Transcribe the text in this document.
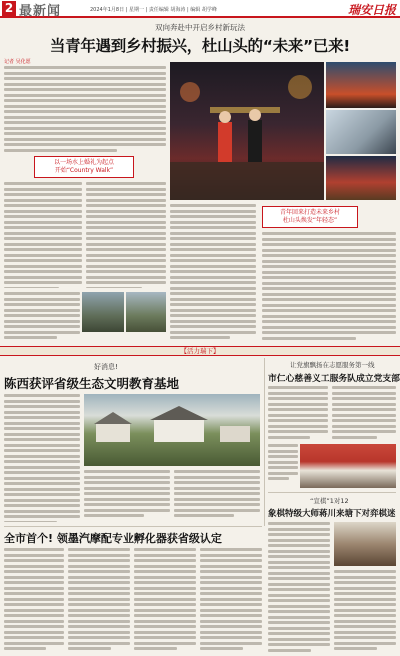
2 最新闻	2024年1月8日 | 星期一 | 责任编辑 胡海涛 | 编辑 胡学峰	瑞安日报
双向奔赴中开启乡村新玩法
当青年遇到乡村振兴，杜山头的“未来”已来!
记者 吴化愿
以一场水上婚礼为起点
开始“Country Walk”
青年回来打造未来乡村
杜山头焕发“年轻态”
【活力瑞下】
好消息!
陈西获评省级生态文明教育基地
让党旗飘扬在志愿服务第一线
市仁心慈善义工服务队成立党支部
“宣棋”1对12
象棋特级大师蒋川来塘下对弈棋迷
全市首个! 领墨汽摩配专业孵化器获省级认定
